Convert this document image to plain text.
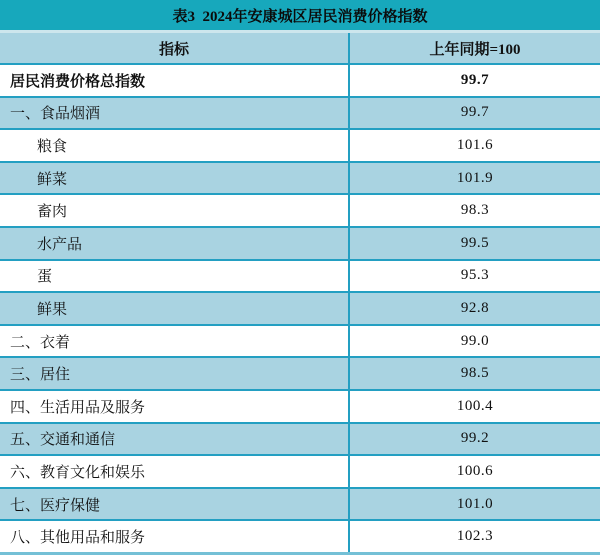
表3  2024年安康城区居民消费价格指数
指标	上年同期=100
居民消费价格总指数	99.7
一、食品烟酒	99.7
粮食	101.6
鲜菜	101.9
畜肉	98.3
水产品	99.5
蛋	95.3
鲜果	92.8
二、衣着	99.0
三、居住	98.5
四、生活用品及服务	100.4
五、交通和通信	99.2
六、教育文化和娱乐	100.6
七、医疗保健	101.0
八、其他用品和服务	102.3
